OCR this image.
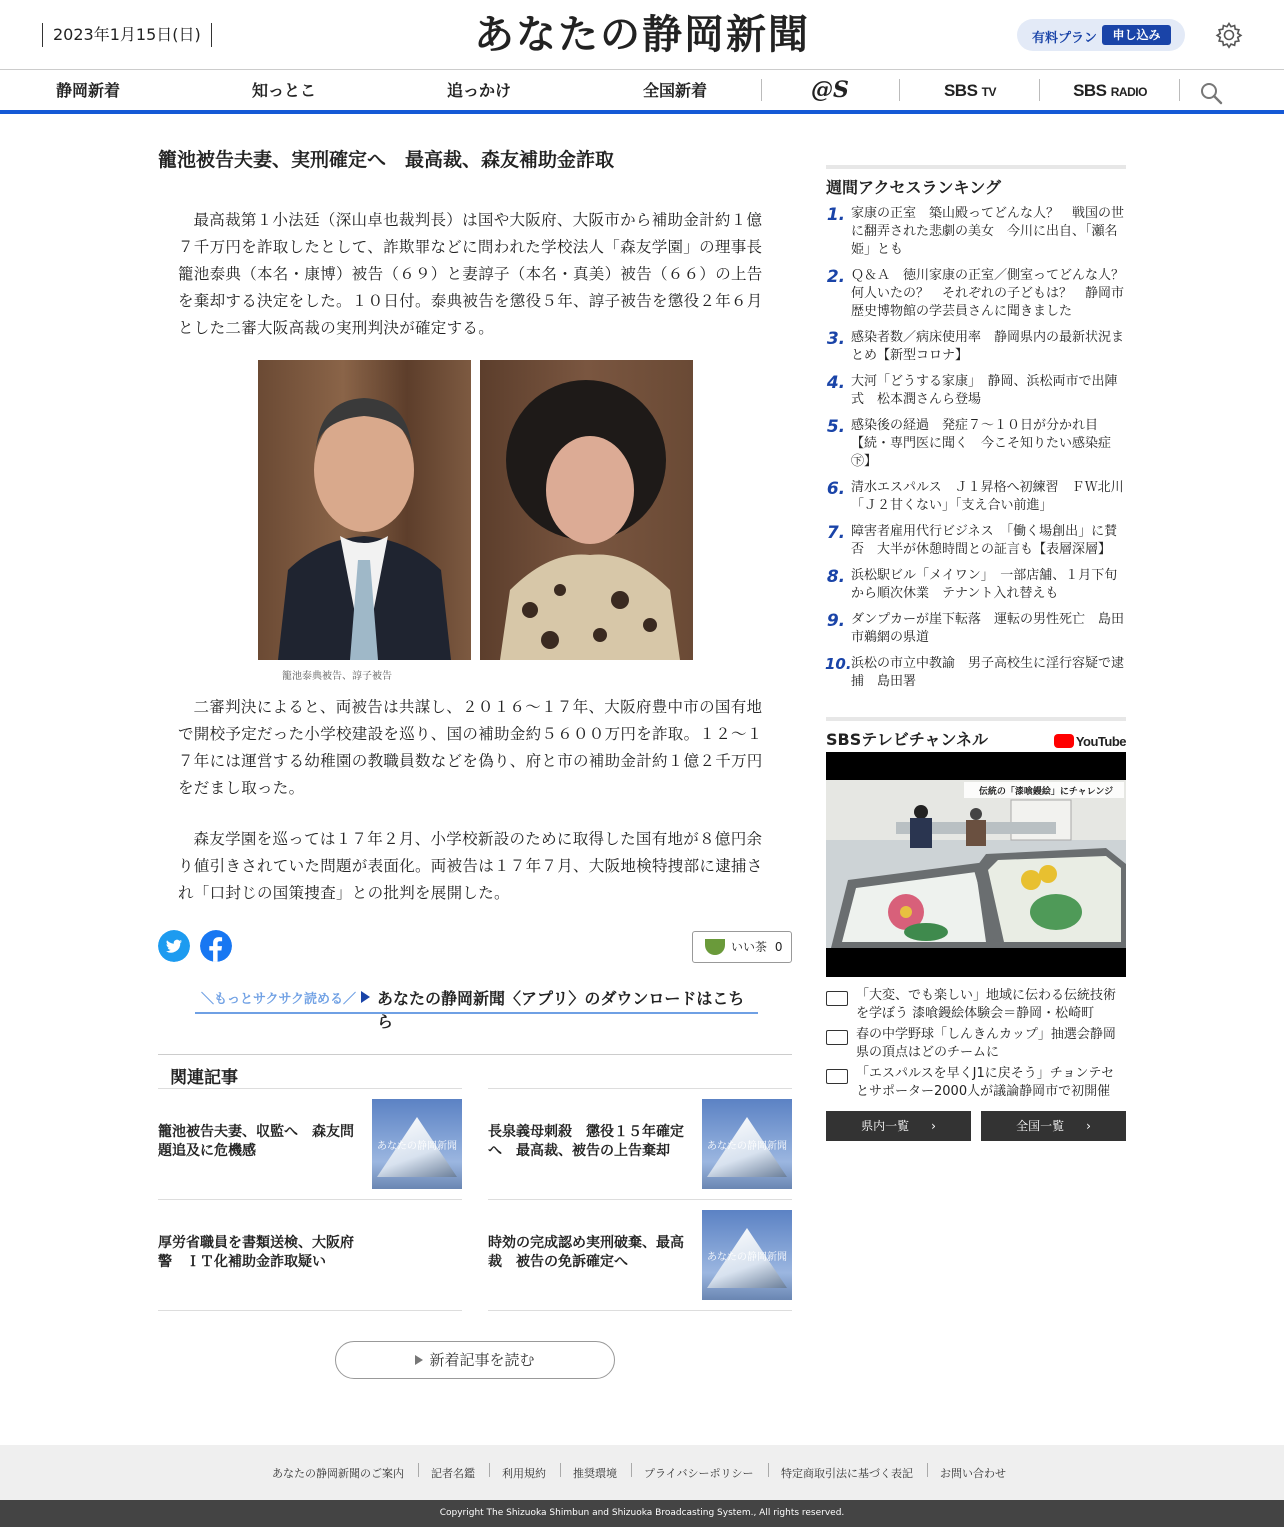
2023年1月15日(日)	あなたの静岡新聞	有料プラン	申し込み
静岡新着	知っとこ	追っかけ	全国新着	@S	SBS TV	SBS RADIO
籠池被告夫妻、実刑確定へ　最高裁、森友補助金詐取

最高裁第１小法廷（深山卓也裁判長）は国や大阪府、大阪市から補助金計約１億７千万円を詐取したとして、詐欺罪などに問われた学校法人「森友学園」の理事長籠池泰典（本名・康博）被告（６９）と妻諄子（本名・真美）被告（６６）の上告を棄却する決定をした。１０日付。泰典被告を懲役５年、諄子被告を懲役２年６月とした二審大阪高裁の実刑判決が確定する。

籠池泰典被告、諄子被告

二審判決によると、両被告は共謀し、２０１６～１７年、大阪府豊中市の国有地で開校予定だった小学校建設を巡り、国の補助金約５６００万円を詐取。１２～１７年には運営する幼稚園の教職員数などを偽り、府と市の補助金計約１億２千万円をだまし取った。

森友学園を巡っては１７年２月、小学校新設のために取得した国有地が８億円余り値引きされていた問題が表面化。両被告は１７年７月、大阪地検特捜部に逮捕され「口封じの国策捜査」との批判を展開した。

いい茶 0
＼もっとサクサク読める／ あなたの静岡新聞〈アプリ〉のダウンロードはこちら
関連記事
籠池被告夫妻、収監へ　森友問題追及に危機感	あなたの静岡新聞
長泉義母刺殺　懲役１５年確定へ　最高裁、被告の上告棄却	あなたの静岡新聞
厚労省職員を書類送検、大阪府警　ＩＴ化補助金詐取疑い
時効の完成認め実刑破棄、最高裁　被告の免訴確定へ	あなたの静岡新聞
新着記事を読む
週間アクセスランキング
1. 家康の正室　築山殿ってどんな人？　戦国の世に翻弄された悲劇の美女　今川に出自、「瀬名姫」とも
2. Ｑ＆Ａ　徳川家康の正室／側室ってどんな人？何人いたの？　それぞれの子どもは？　静岡市歴史博物館の学芸員さんに聞きました
3. 感染者数／病床使用率　静岡県内の最新状況まとめ【新型コロナ】
4. 大河「どうする家康」　静岡、浜松両市で出陣式　松本潤さんら登場
5. 感染後の経過　発症７～１０日が分かれ目【続・専門医に聞く　今こそ知りたい感染症㊦】
6. 清水エスパルス　Ｊ１昇格へ初練習　ＦＷ北川「Ｊ２甘くない」「支え合い前進」
7. 障害者雇用代行ビジネス　「働く場創出」に賛否　大半が休憩時間との証言も【表層深層】
8. 浜松駅ビル「メイワン」　一部店舗、１月下旬から順次休業　テナント入れ替えも
9. ダンプカーが崖下転落　運転の男性死亡　島田市鵜網の県道
10. 浜松の市立中教諭　男子高校生に淫行容疑で逮捕　島田署
SBSテレビチャンネル	YouTube
伝統の「漆喰鏝絵」にチャレンジ
「大変、でも楽しい」地域に伝わる伝統技術を学ぼう 漆喰鏝絵体験会＝静岡・松崎町
春の中学野球「しんきんカップ」抽選会静岡県の頂点はどのチームに
「エスパルスを早くJ1に戻そう」チョンテセとサポーター2000人が議論静岡市で初開催
県内一覧 ›	全国一覧 ›
あなたの静岡新聞のご案内 記者名鑑 利用規約 推奨環境 プライバシーポリシー	特定商取引法に基づく表記 お問い合わせ
Copyright The Shizuoka Shimbun and Shizuoka Broadcasting System., All rights reserved.
